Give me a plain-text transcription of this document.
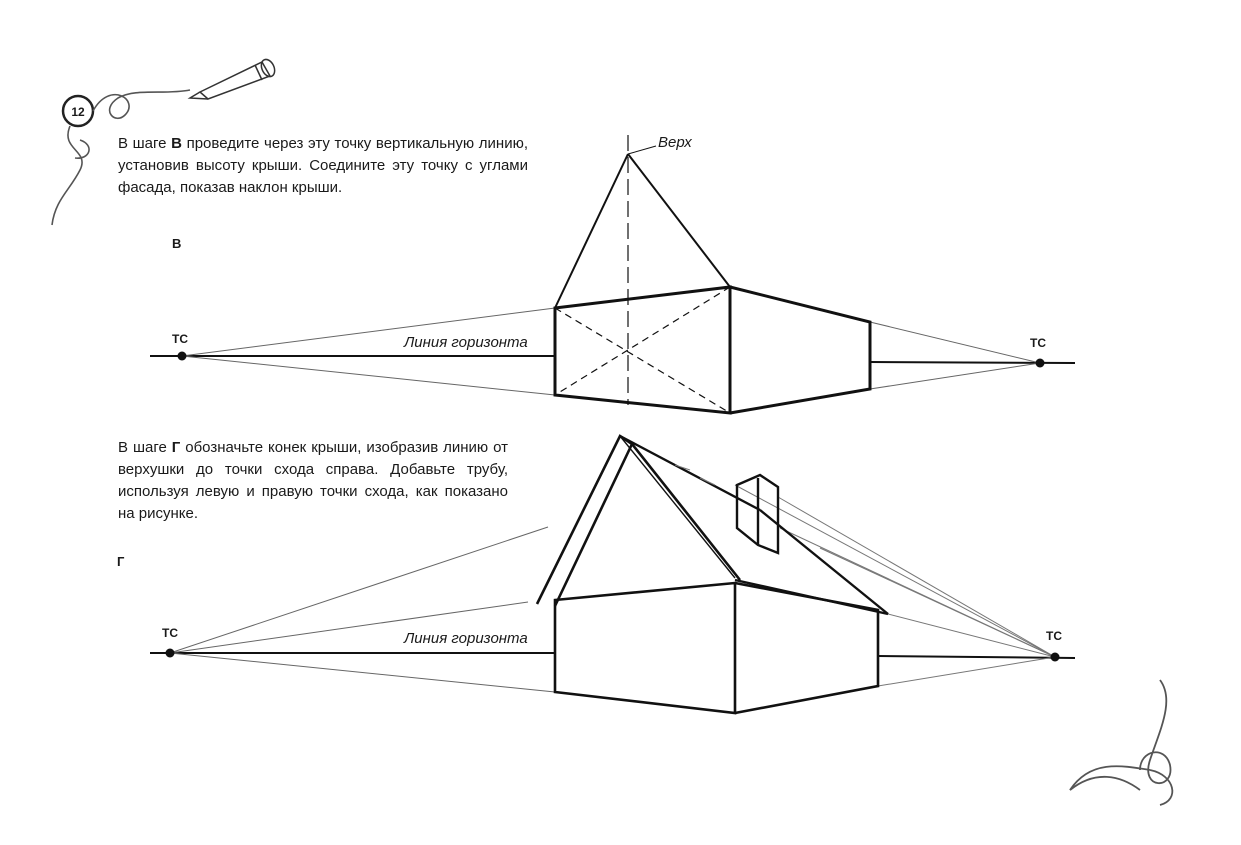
12
В шаге В проведите через эту точку вертикальную линию, установив высоту крыши. Соедините эту точку с углами фасада, показав наклон крыши.
В
Верх
Линия горизонта
ТС	ТС
В шаге Г обозначьте конек крыши, изобразив линию от верхушки до точки схода справа. Добавьте трубу, используя левую и правую точки схода, как показано на рисунке.
Г
Линия горизонта
ТС	ТС
